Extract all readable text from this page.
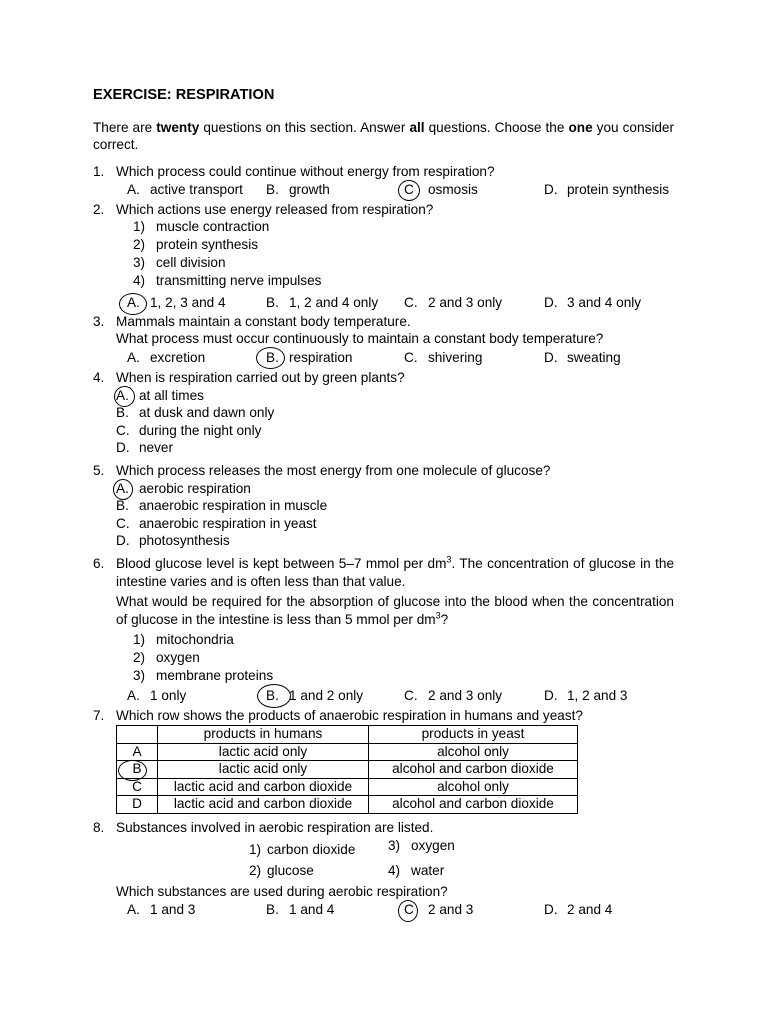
EXERCISE: RESPIRATION
There are twenty questions on this section. Answer all questions. Choose the one you consider correct.
1. Which process could continue without energy from respiration?
A. active transport B. growth	C osmosis	D. protein synthesis
2. Which actions use energy released from respiration?
1) muscle contraction
2) protein synthesis
3) cell division
4) transmitting nerve impulses
A. 1, 2, 3 and 4	B. 1, 2 and 4 only C. 2 and 3 only	D. 3 and 4 only
3. Mammals maintain a constant body temperature.
What process must occur continuously to maintain a constant body temperature?
A. excretion	B. respiration	C. shivering	D. sweating
4. When is respiration carried out by green plants?
A. at all times
B. at dusk and dawn only
C. during the night only
D. never
5. Which process releases the most energy from one molecule of glucose?
A. aerobic respiration
B. anaerobic respiration in muscle
C. anaerobic respiration in yeast
D. photosynthesis
6. Blood glucose level is kept between 5–7 mmol per $dm^3$. The concentration of glucose in the intestine varies and is often less than that value.
What would be required for the absorption of glucose into the blood when the concentration of glucose in the intestine is less than 5 mmol per $dm^3$?
1) mitochondria
2) oxygen
3) membrane proteins
A. 1 only	B. 1 and 2 only	C. 2 and 3 only	D. 1, 2 and 3
7. Which row shows the products of anaerobic respiration in humans and yeast?
	products in humans	products in yeast
A	lactic acid only	alcohol only
B	lactic acid only	alcohol and carbon dioxide
C	lactic acid and carbon dioxide	alcohol only
D	lactic acid and carbon dioxide	alcohol and carbon dioxide
8. Substances involved in aerobic respiration are listed.
1) carbon dioxide 3) oxygen
2) glucose	4) water
Which substances are used during aerobic respiration?
A. 1 and 3	B. 1 and 4	C 2 and 3	D. 2 and 4
